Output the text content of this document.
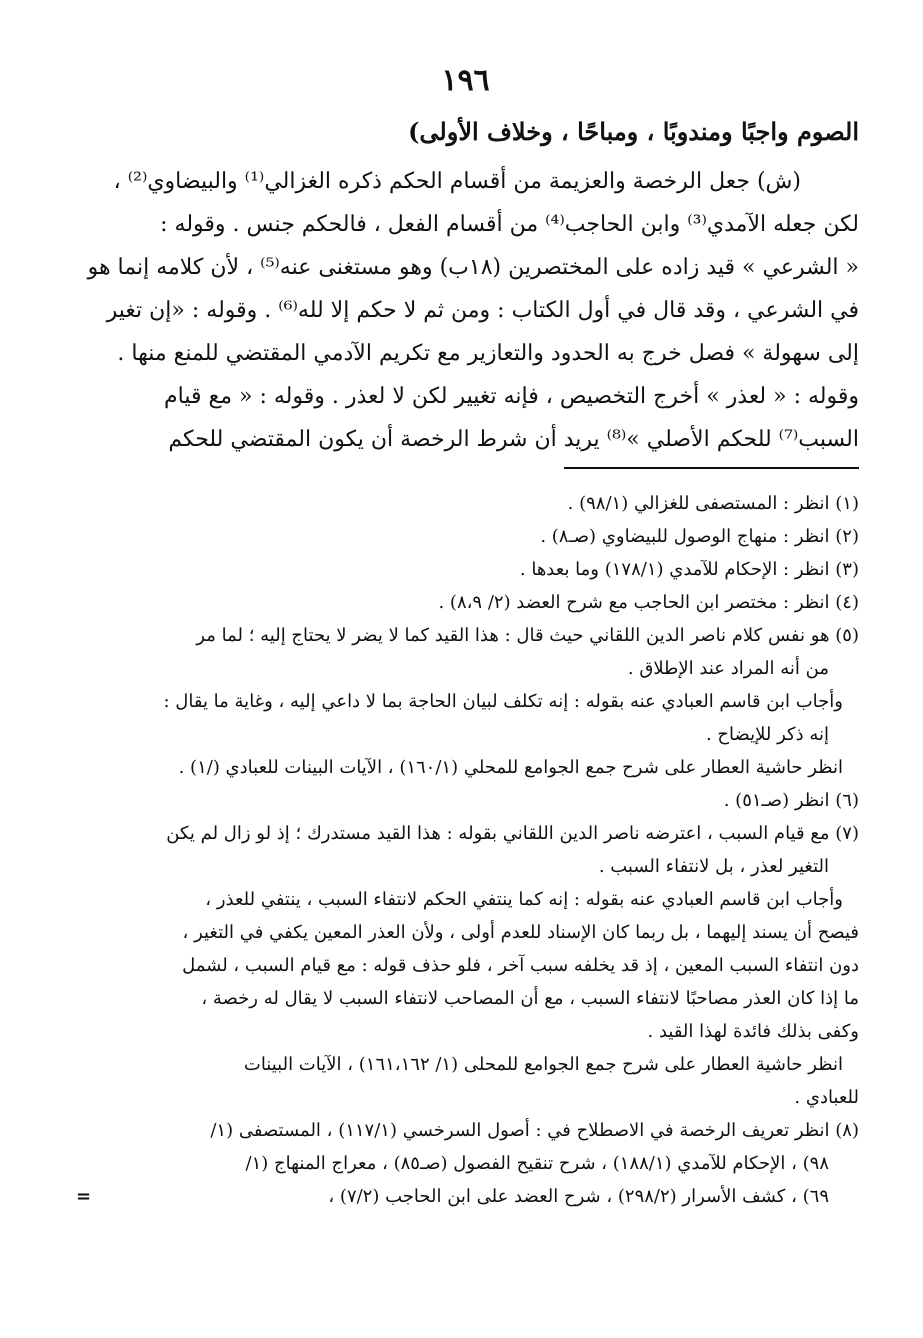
١٩٦
الصوم واجبًا ومندوبًا ، ومباحًا ، وخلاف الأولى)
(ش) جعل الرخصة والعزيمة من أقسام الحكم ذكره الغزالي⁽¹⁾ والبيضاوي⁽²⁾ ،
لكن جعله الآمدي⁽³⁾ وابن الحاجب⁽⁴⁾ من أقسام الفعل ، فالحكم جنس . وقوله :
« الشرعي » قيد زاده على المختصرين (١٨ب) وهو مستغنى عنه⁽⁵⁾ ، لأن كلامه إنما هو
في الشرعي ، وقد قال في أول الكتاب : ومن ثم لا حكم إلا لله⁽⁶⁾ . وقوله : «إن تغير
إلى سهولة » فصل خرج به الحدود والتعازير مع تكريم الآدمي المقتضي للمنع منها .
وقوله : « لعذر » أخرج التخصيص ، فإنه تغيير لكن لا لعذر . وقوله : « مع قيام
السبب⁽⁷⁾ للحكم الأصلي »⁽⁸⁾ يريد أن شرط الرخصة أن يكون المقتضي للحكم
(١) انظر : المستصفى للغزالي (٩٨/١) .
(٢) انظر : منهاج الوصول للبيضاوي (صـ٨) .
(٣) انظر : الإحكام للآمدي (١٧٨/١) وما بعدها .
(٤) انظر : مختصر ابن الحاجب مع شرح العضد (٢/ ٨،٩) .
(٥) هو نفس كلام ناصر الدين اللقاني حيث قال : هذا القيد كما لا يضر لا يحتاج إليه ؛ لما مر
من أنه المراد عند الإطلاق .
وأجاب ابن قاسم العبادي عنه بقوله : إنه تكلف لبيان الحاجة بما لا داعي إليه ، وغاية ما يقال :
إنه ذكر للإيضاح .
انظر حاشية العطار على شرح جمع الجوامع للمحلي (١٦٠/١) ، الآيات البينات للعبادي (/١) .
(٦) انظر (صـ٥١) .
(٧) مع قيام السبب ، اعترضه ناصر الدين اللقاني بقوله : هذا القيد مستدرك ؛ إذ لو زال لم يكن
التغير لعذر ، بل لانتفاء السبب .
وأجاب ابن قاسم العبادي عنه بقوله : إنه كما ينتفي الحكم لانتفاء السبب ، ينتفي للعذر ،
فيصح أن يسند إليهما ، بل ربما كان الإسناد للعدم أولى ، ولأن العذر المعين يكفي في التغير ،
دون انتفاء السبب المعين ، إذ قد يخلفه سبب آخر ، فلو حذف قوله : مع قيام السبب ، لشمل
ما إذا كان العذر مصاحبًا لانتفاء السبب ، مع أن المصاحب لانتفاء السبب لا يقال له رخصة ،
وكفى بذلك فائدة لهذا القيد .
انظر حاشية العطار على شرح جمع الجوامع للمحلى (١/ ١٦١،١٦٢) ، الآيات البينات
للعبادي .
(٨) انظر تعريف الرخصة في الاصطلاح في : أصول السرخسي (١١٧/١) ، المستصفى (١/
٩٨) ، الإحكام للآمدي (١٨٨/١) ، شرح تنقيح الفصول (صـ٨٥) ، معراج المنهاج (١/
٦٩) ، كشف الأسرار (٢٩٨/٢) ، شرح العضد على ابن الحاجب (٧/٢) ،
=
